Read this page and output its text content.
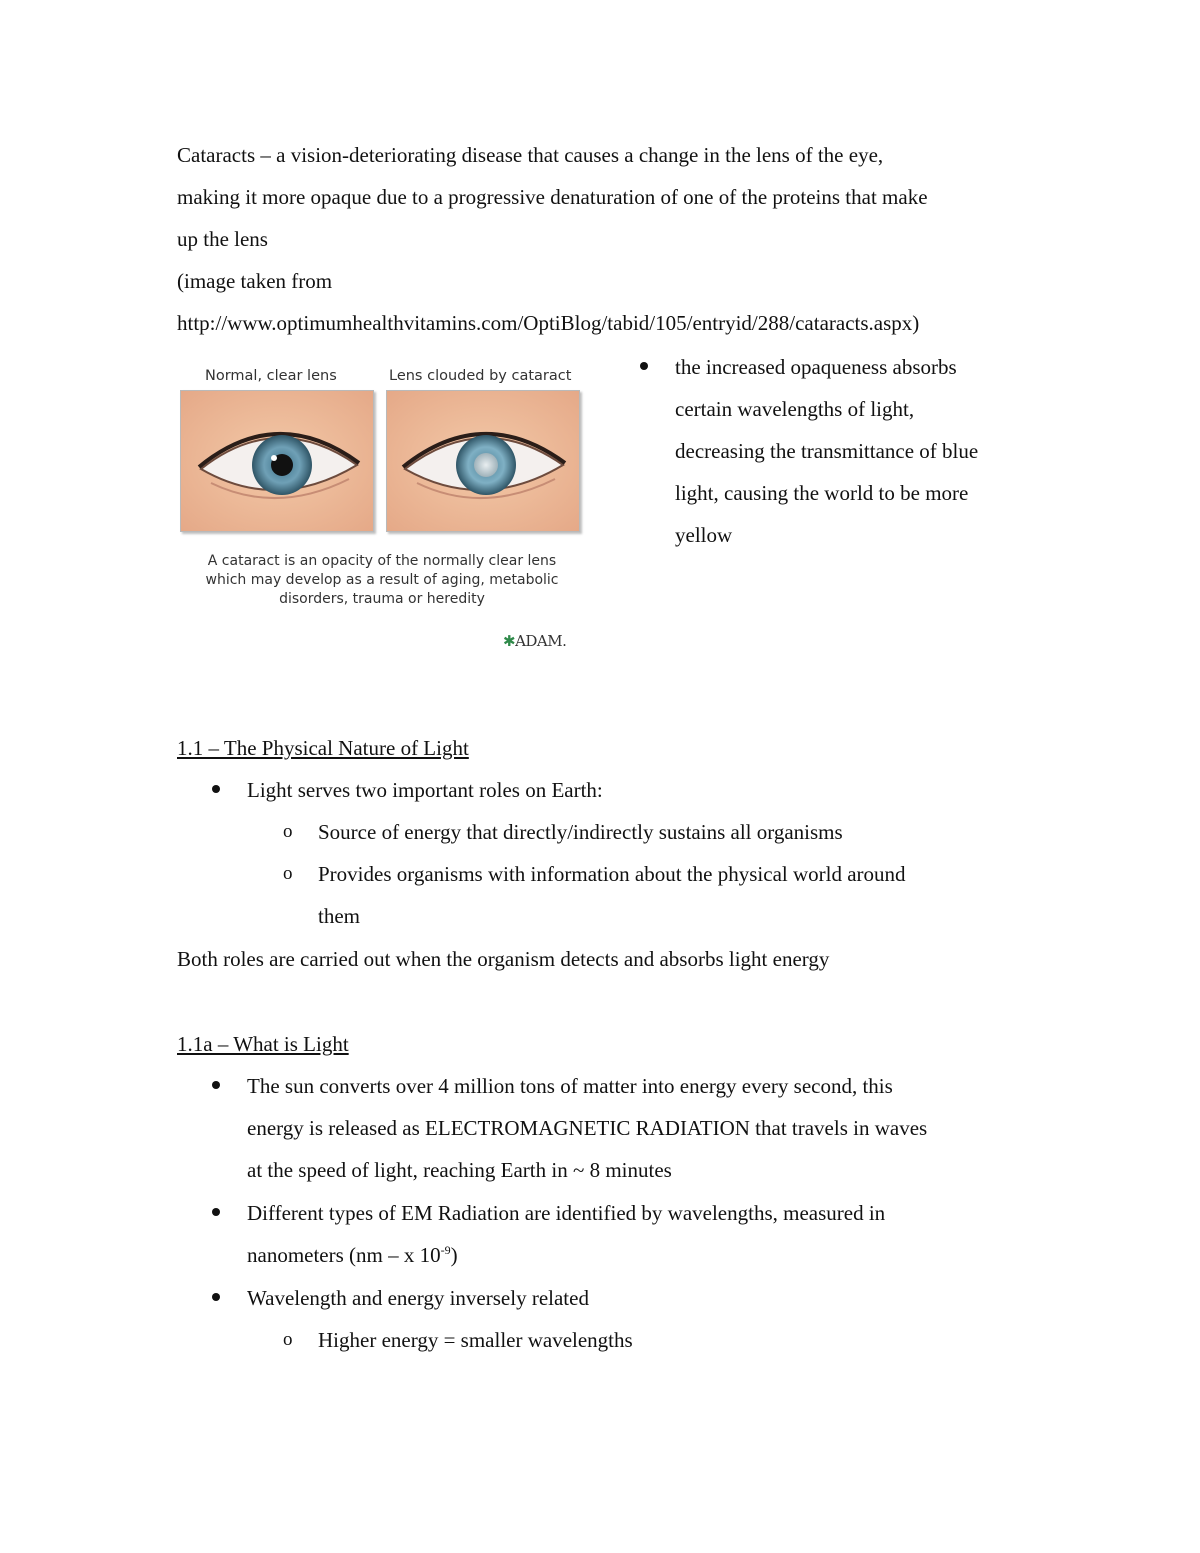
Cataracts – a vision-deteriorating disease that causes a change in the lens of the eye,
making it more opaque due to a progressive denaturation of one of the proteins that make
up the lens
(image taken from
http://www.optimumhealthvitamins.com/OptiBlog/tabid/105/entryid/288/cataracts.aspx)
Normal, clear lens	Lens clouded by cataract
A cataract is an opacity of the normally clear lens
which may develop as a result of aging, metabolic
disorders, trauma or heredity
✱ADAM.
the increased opaqueness absorbs
certain wavelengths of light,
decreasing the transmittance of blue
light, causing the world to be more
yellow
1.1 – The Physical Nature of Light
Light serves two important roles on Earth:
o Source of energy that directly/indirectly sustains all organisms
o Provides organisms with information about the physical world around
them
Both roles are carried out when the organism detects and absorbs light energy
1.1a – What is Light
The sun converts over 4 million tons of matter into energy every second, this
energy is released as ELECTROMAGNETIC RADIATION that travels in waves
at the speed of light, reaching Earth in ~ 8 minutes
Different types of EM Radiation are identified by wavelengths, measured in
nanometers (nm – x $10^{-9}$)
Wavelength and energy inversely related
o Higher energy = smaller wavelengths
